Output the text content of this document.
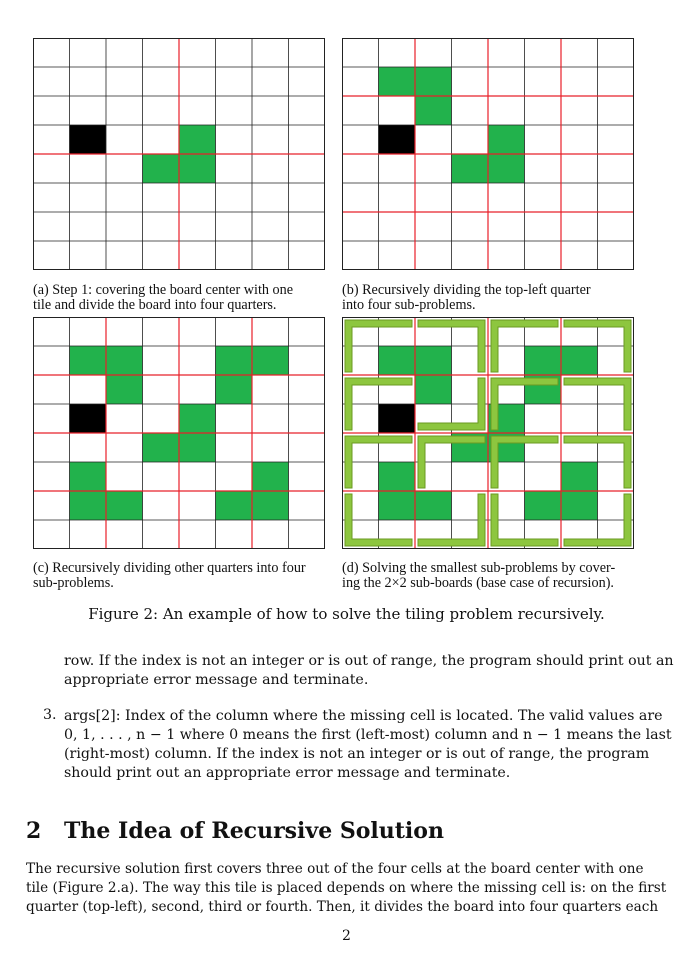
(a) Step 1: covering the board center with one
tile and divide the board into four quarters.
(b) Recursively dividing the top-left quarter
into four sub-problems.
(c) Recursively dividing other quarters into four
sub-problems.
(d) Solving the smallest sub-problems by cover-
ing the 2×2 sub-boards (base case of recursion).
Figure 2: An example of how to solve the tiling problem recursively.
row. If the index is not an integer or is out of range, the program should print out an
appropriate error message and terminate.
3. args[2]: Index of the column where the missing cell is located. The valid values are
0, 1, . . . , n − 1 where 0 means the first (left-most) column and n − 1 means the last
(right-most) column. If the index is not an integer or is out of range, the program
should print out an appropriate error message and terminate.
2 The Idea of Recursive Solution
The recursive solution first covers three out of the four cells at the board center with one
tile (Figure 2.a). The way this tile is placed depends on where the missing cell is: on the first
quarter (top-left), second, third or fourth. Then, it divides the board into four quarters each
2
